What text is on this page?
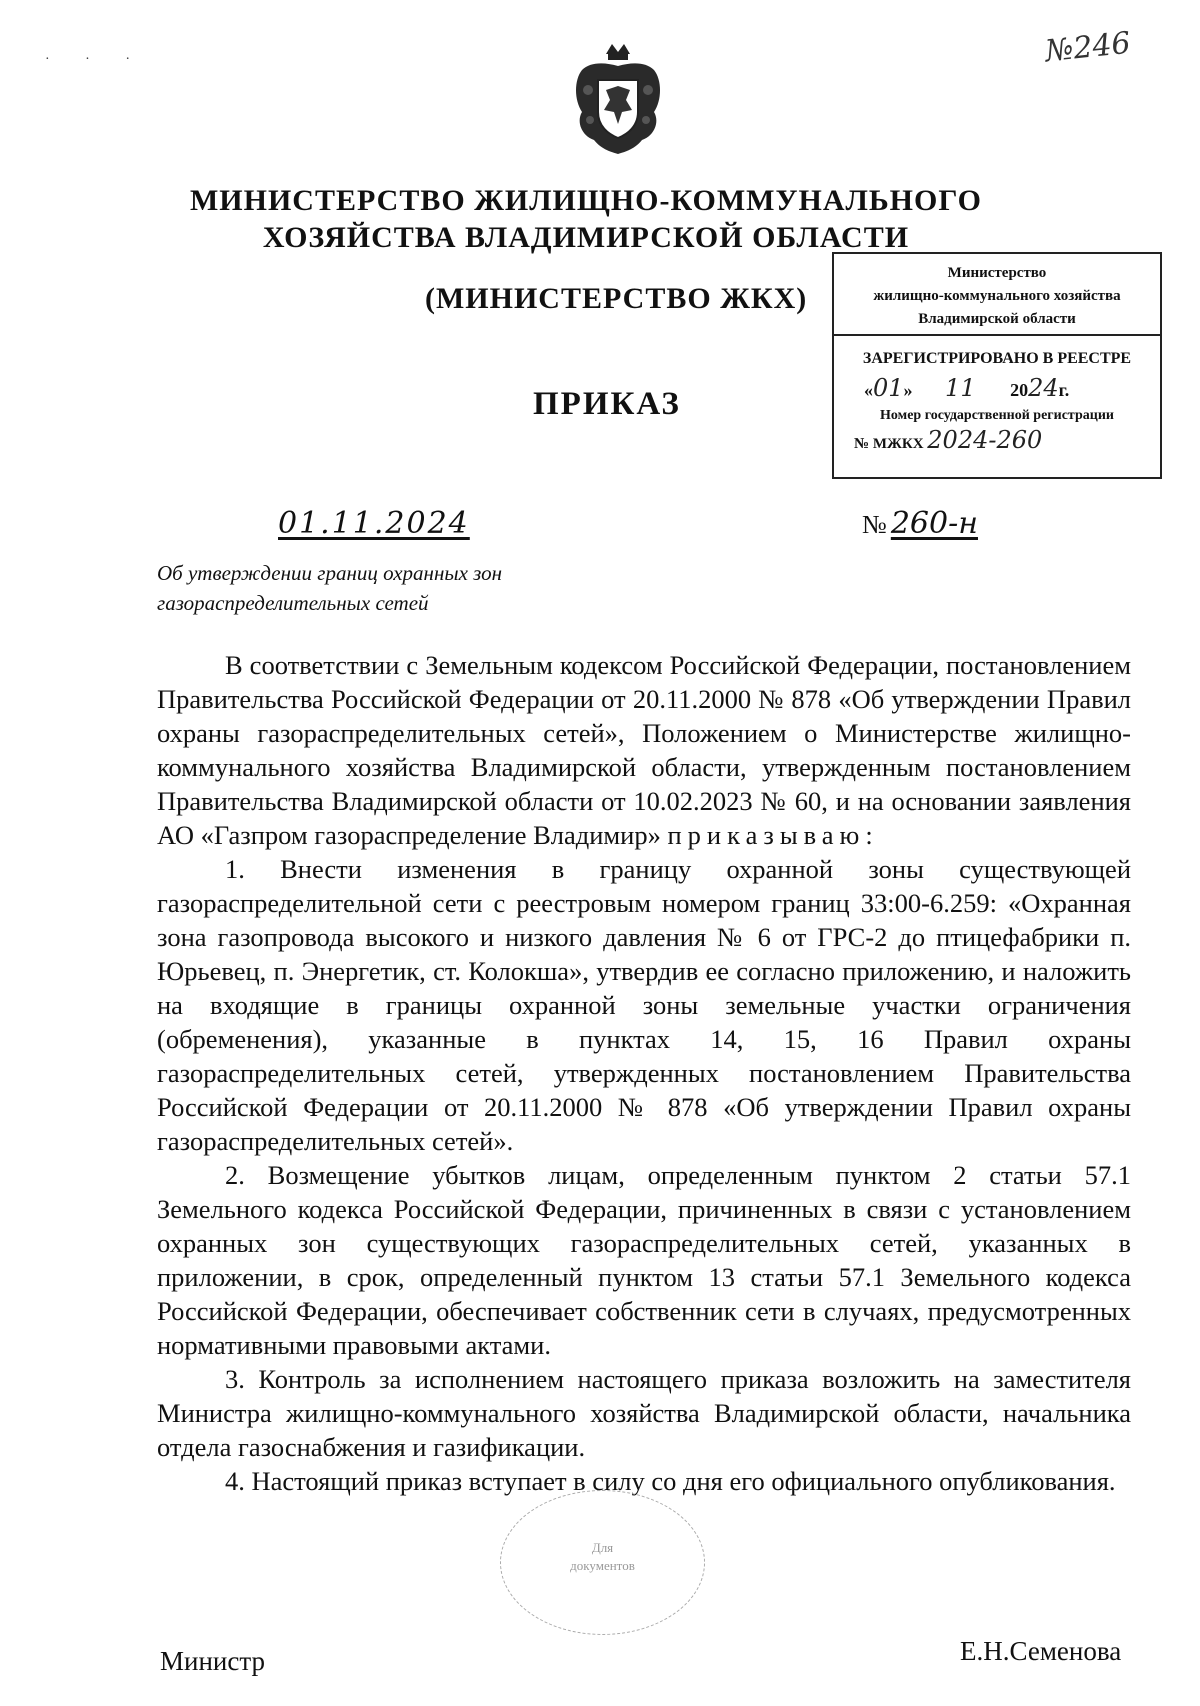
· · ·	№246
МИНИСТЕРСТВО ЖИЛИЩНО-КОММУНАЛЬНОГО
ХОЗЯЙСТВА ВЛАДИМИРСКОЙ ОБЛАСТИ
(МИНИСТЕРСТВО ЖКХ)
ПРИКАЗ
Министерство
жилищно-коммунального хозяйства
Владимирской области
ЗАРЕГИСТРИРОВАНО В РЕЕСТРЕ
«01» 11 2024г.
Номер государственной регистрации
№ МЖКХ 2024-260
01.11.2024	№ 260-н
Об утверждении границ охранных зон
газораспределительных сетей

В соответствии с Земельным кодексом Российской Федерации, постановлением Правительства Российской Федерации от 20.11.2000 № 878 «Об утверждении Правил охраны газораспределительных сетей», Положением о Министерстве жилищно-коммунального хозяйства Владимирской области, утвержденным постановлением Правительства Владимирской области от 10.02.2023 № 60, и на основании заявления АО «Газпром газораспределение Владимир» приказываю:

1. Внести изменения в границу охранной зоны существующей газораспределительной сети с реестровым номером границ 33:00-6.259: «Охранная зона газопровода высокого и низкого давления № 6 от ГРС-2 до птицефабрики п. Юрьевец, п. Энергетик, ст. Колокша», утвердив ее согласно приложению, и наложить на входящие в границы охранной зоны земельные участки ограничения (обременения), указанные в пунктах 14, 15, 16 Правил охраны газораспределительных сетей, утвержденных постановлением Правительства Российской Федерации от 20.11.2000 № 878 «Об утверждении Правил охраны газораспределительных сетей».

2. Возмещение убытков лицам, определенным пунктом 2 статьи 57.1 Земельного кодекса Российской Федерации, причиненных в связи с установлением охранных зон существующих газораспределительных сетей, указанных в приложении, в срок, определенный пунктом 13 статьи 57.1 Земельного кодекса Российской Федерации, обеспечивает собственник сети в случаях, предусмотренных нормативными правовыми актами.

3. Контроль за исполнением настоящего приказа возложить на заместителя Министра жилищно-коммунального хозяйства Владимирской области, начальника отдела газоснабжения и газификации.

4. Настоящий приказ вступает в силу со дня его официального опубликования.

Для
документов
Министр	Е.Н.Семенова
